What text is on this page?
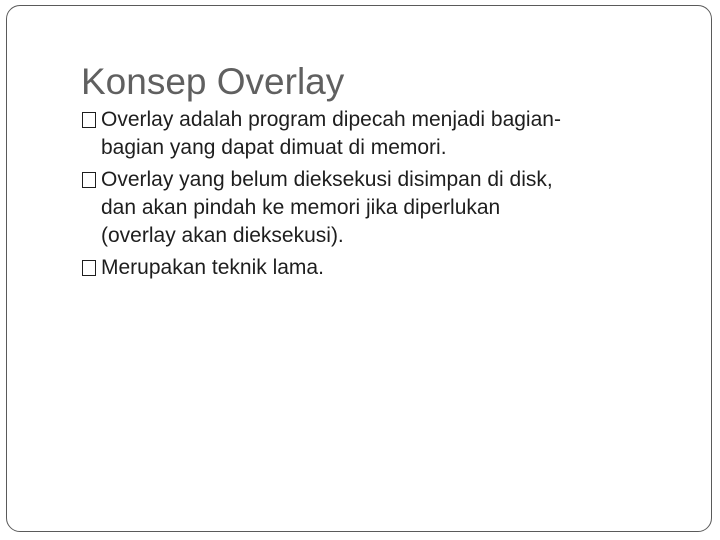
Konsep Overlay
Overlay adalah program dipecah menjadi bagian-
bagian yang dapat dimuat di memori.
Overlay yang belum dieksekusi disimpan di disk,
dan akan pindah ke memori jika diperlukan
(overlay akan dieksekusi).
Merupakan teknik lama.
